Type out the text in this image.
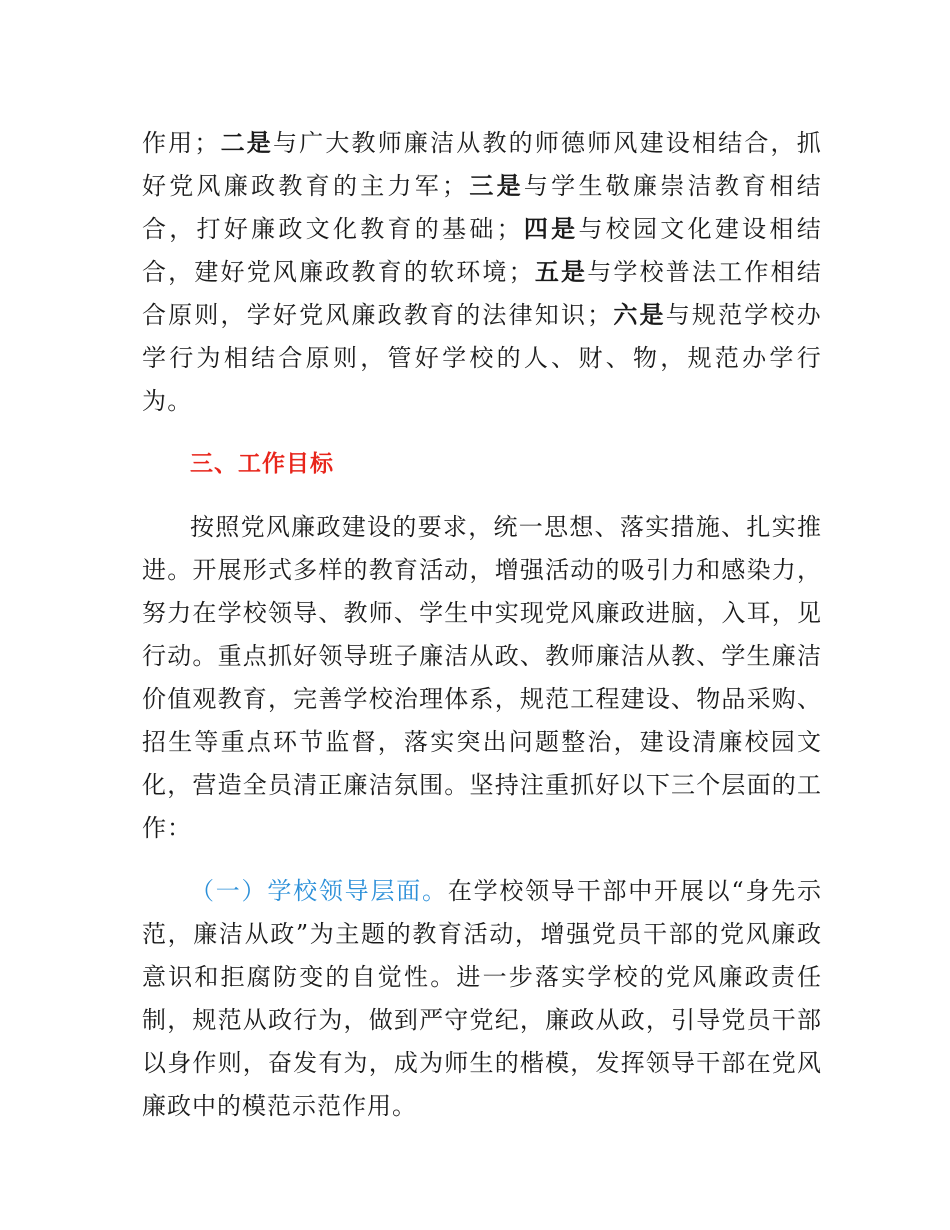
作用；二是与广大教师廉洁从教的师德师风建设相结合，抓好党风廉政教育的主力军；三是与学生敬廉崇洁教育相结合，打好廉政文化教育的基础；四是与校园文化建设相结合，建好党风廉政教育的软环境；五是与学校普法工作相结合原则，学好党风廉政教育的法律知识；六是与规范学校办学行为相结合原则，管好学校的人、财、物，规范办学行为。

三、工作目标

按照党风廉政建设的要求，统一思想、落实措施、扎实推进。开展形式多样的教育活动，增强活动的吸引力和感染力，努力在学校领导、教师、学生中实现党风廉政进脑，入耳，见行动。重点抓好领导班子廉洁从政、教师廉洁从教、学生廉洁价值观教育，完善学校治理体系，规范工程建设、物品采购、招生等重点环节监督，落实突出问题整治，建设清廉校园文化，营造全员清正廉洁氛围。坚持注重抓好以下三个层面的工作：

（一）学校领导层面。在学校领导干部中开展以“身先示范，廉洁从政”为主题的教育活动，增强党员干部的党风廉政意识和拒腐防变的自觉性。进一步落实学校的党风廉政责任制，规范从政行为，做到严守党纪，廉政从政，引导党员干部以身作则，奋发有为，成为师生的楷模，发挥领导干部在党风廉政中的模范示范作用。
